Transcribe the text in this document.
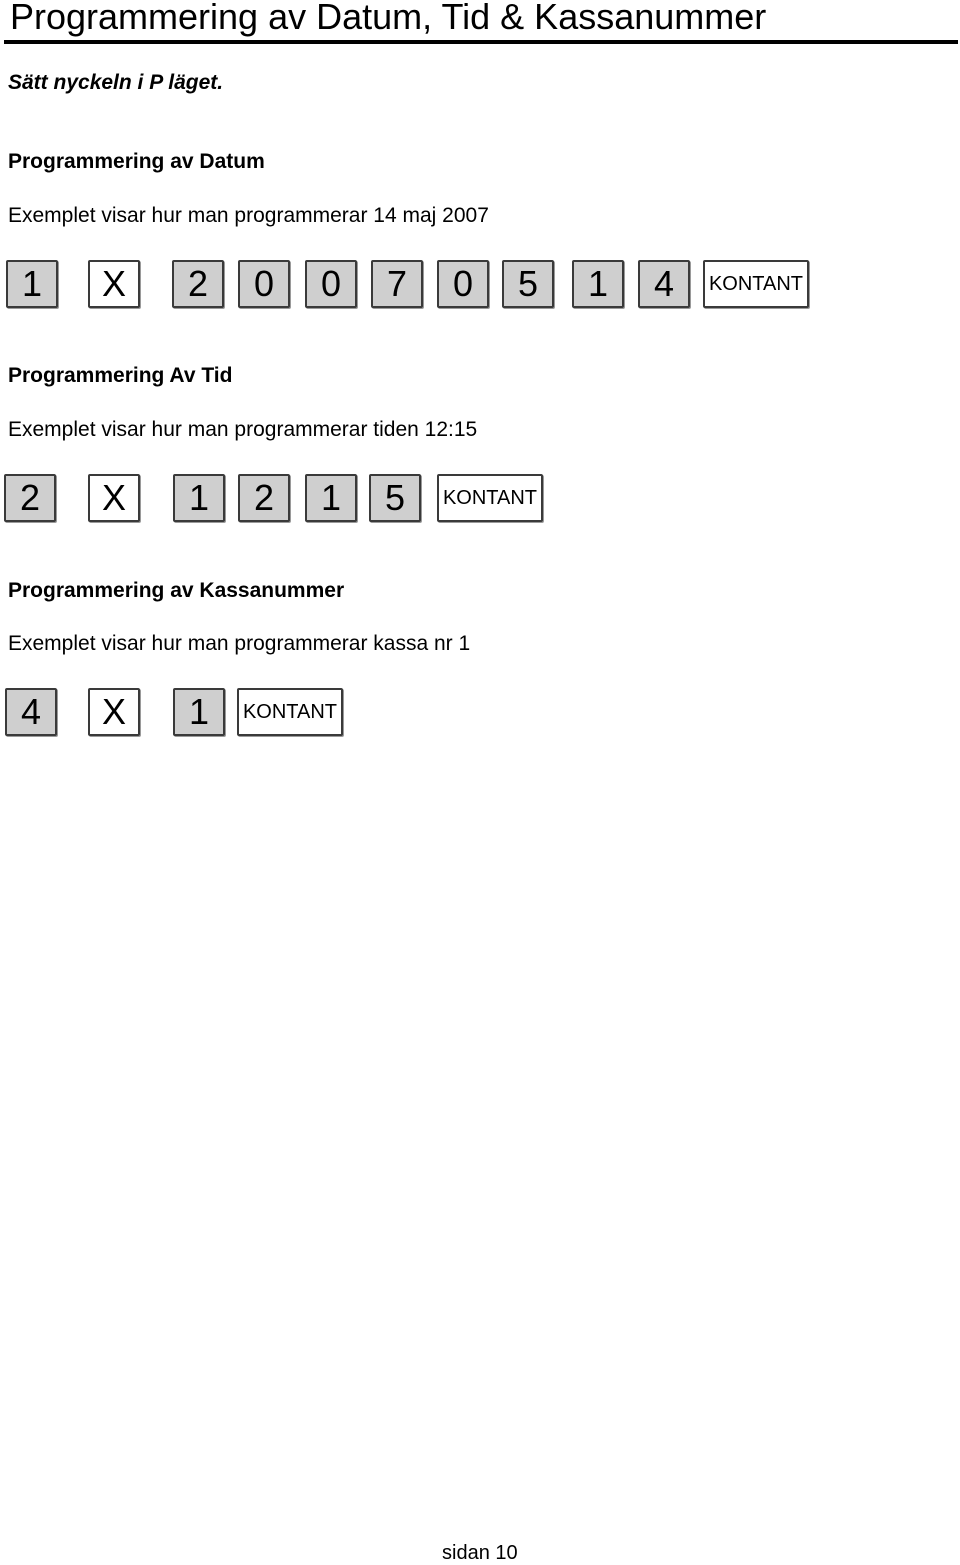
Programmering av Datum, Tid & Kassanummer
Sätt nyckeln i P läget.
Programmering av Datum

Exemplet visar hur man programmerar 14 maj 2007

1	X	2	0	0	7	0	5	1	4	KONTANT
Programmering Av Tid

Exemplet visar hur man programmerar tiden 12:15

2	X	1	2	1	5	KONTANT
Programmering av Kassanummer

Exemplet visar hur man programmerar kassa nr 1

4	X	1	KONTANT
sidan 10
